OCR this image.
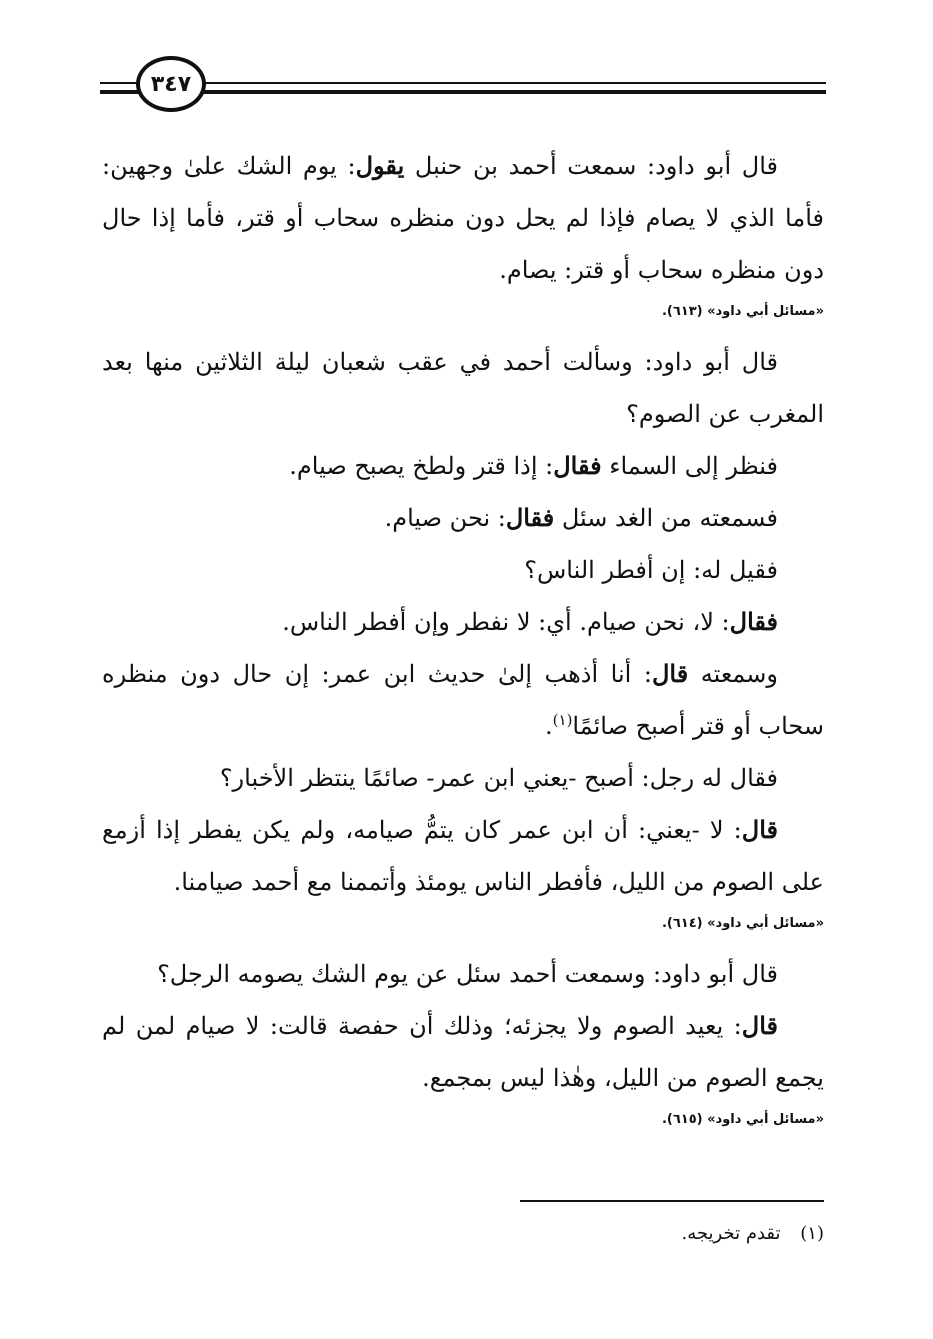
٣٤٧

قال أبو داود: سمعت أحمد بن حنبل يقول: يوم الشك علىٰ وجهين: فأما الذي لا يصام فإذا لم يحل دون منظره سحاب أو قتر، فأما إذا حال دون منظره سحاب أو قتر: يصام.

«مسائل أبي داود» (٦١٣).

قال أبو داود: وسألت أحمد في عقب شعبان ليلة الثلاثين منها بعد المغرب عن الصوم؟

فنظر إلى السماء فقال: إذا قتر ولطخ يصبح صيام.

فسمعته من الغد سئل فقال: نحن صيام.

فقيل له: إن أفطر الناس؟

فقال: لا، نحن صيام. أي: لا نفطر وإن أفطر الناس.

وسمعته قال: أنا أذهب إلىٰ حديث ابن عمر: إن حال دون منظره سحاب أو قتر أصبح صائمًا$^{(١)}$.

فقال له رجل: أصبح -يعني ابن عمر- صائمًا ينتظر الأخبار؟

قال: لا -يعني: أن ابن عمر كان يتمُّ صيامه، ولم يكن يفطر إذا أزمع على الصوم من الليل، فأفطر الناس يومئذ وأتممنا مع أحمد صيامنا.

«مسائل أبي داود» (٦١٤).

قال أبو داود: وسمعت أحمد سئل عن يوم الشك يصومه الرجل؟

قال: يعيد الصوم ولا يجزئه؛ وذلك أن حفصة قالت: لا صيام لمن لم يجمع الصوم من الليل، وهٰذا ليس بمجمع.

«مسائل أبي داود» (٦١٥).

(١) تقدم تخريجه.
